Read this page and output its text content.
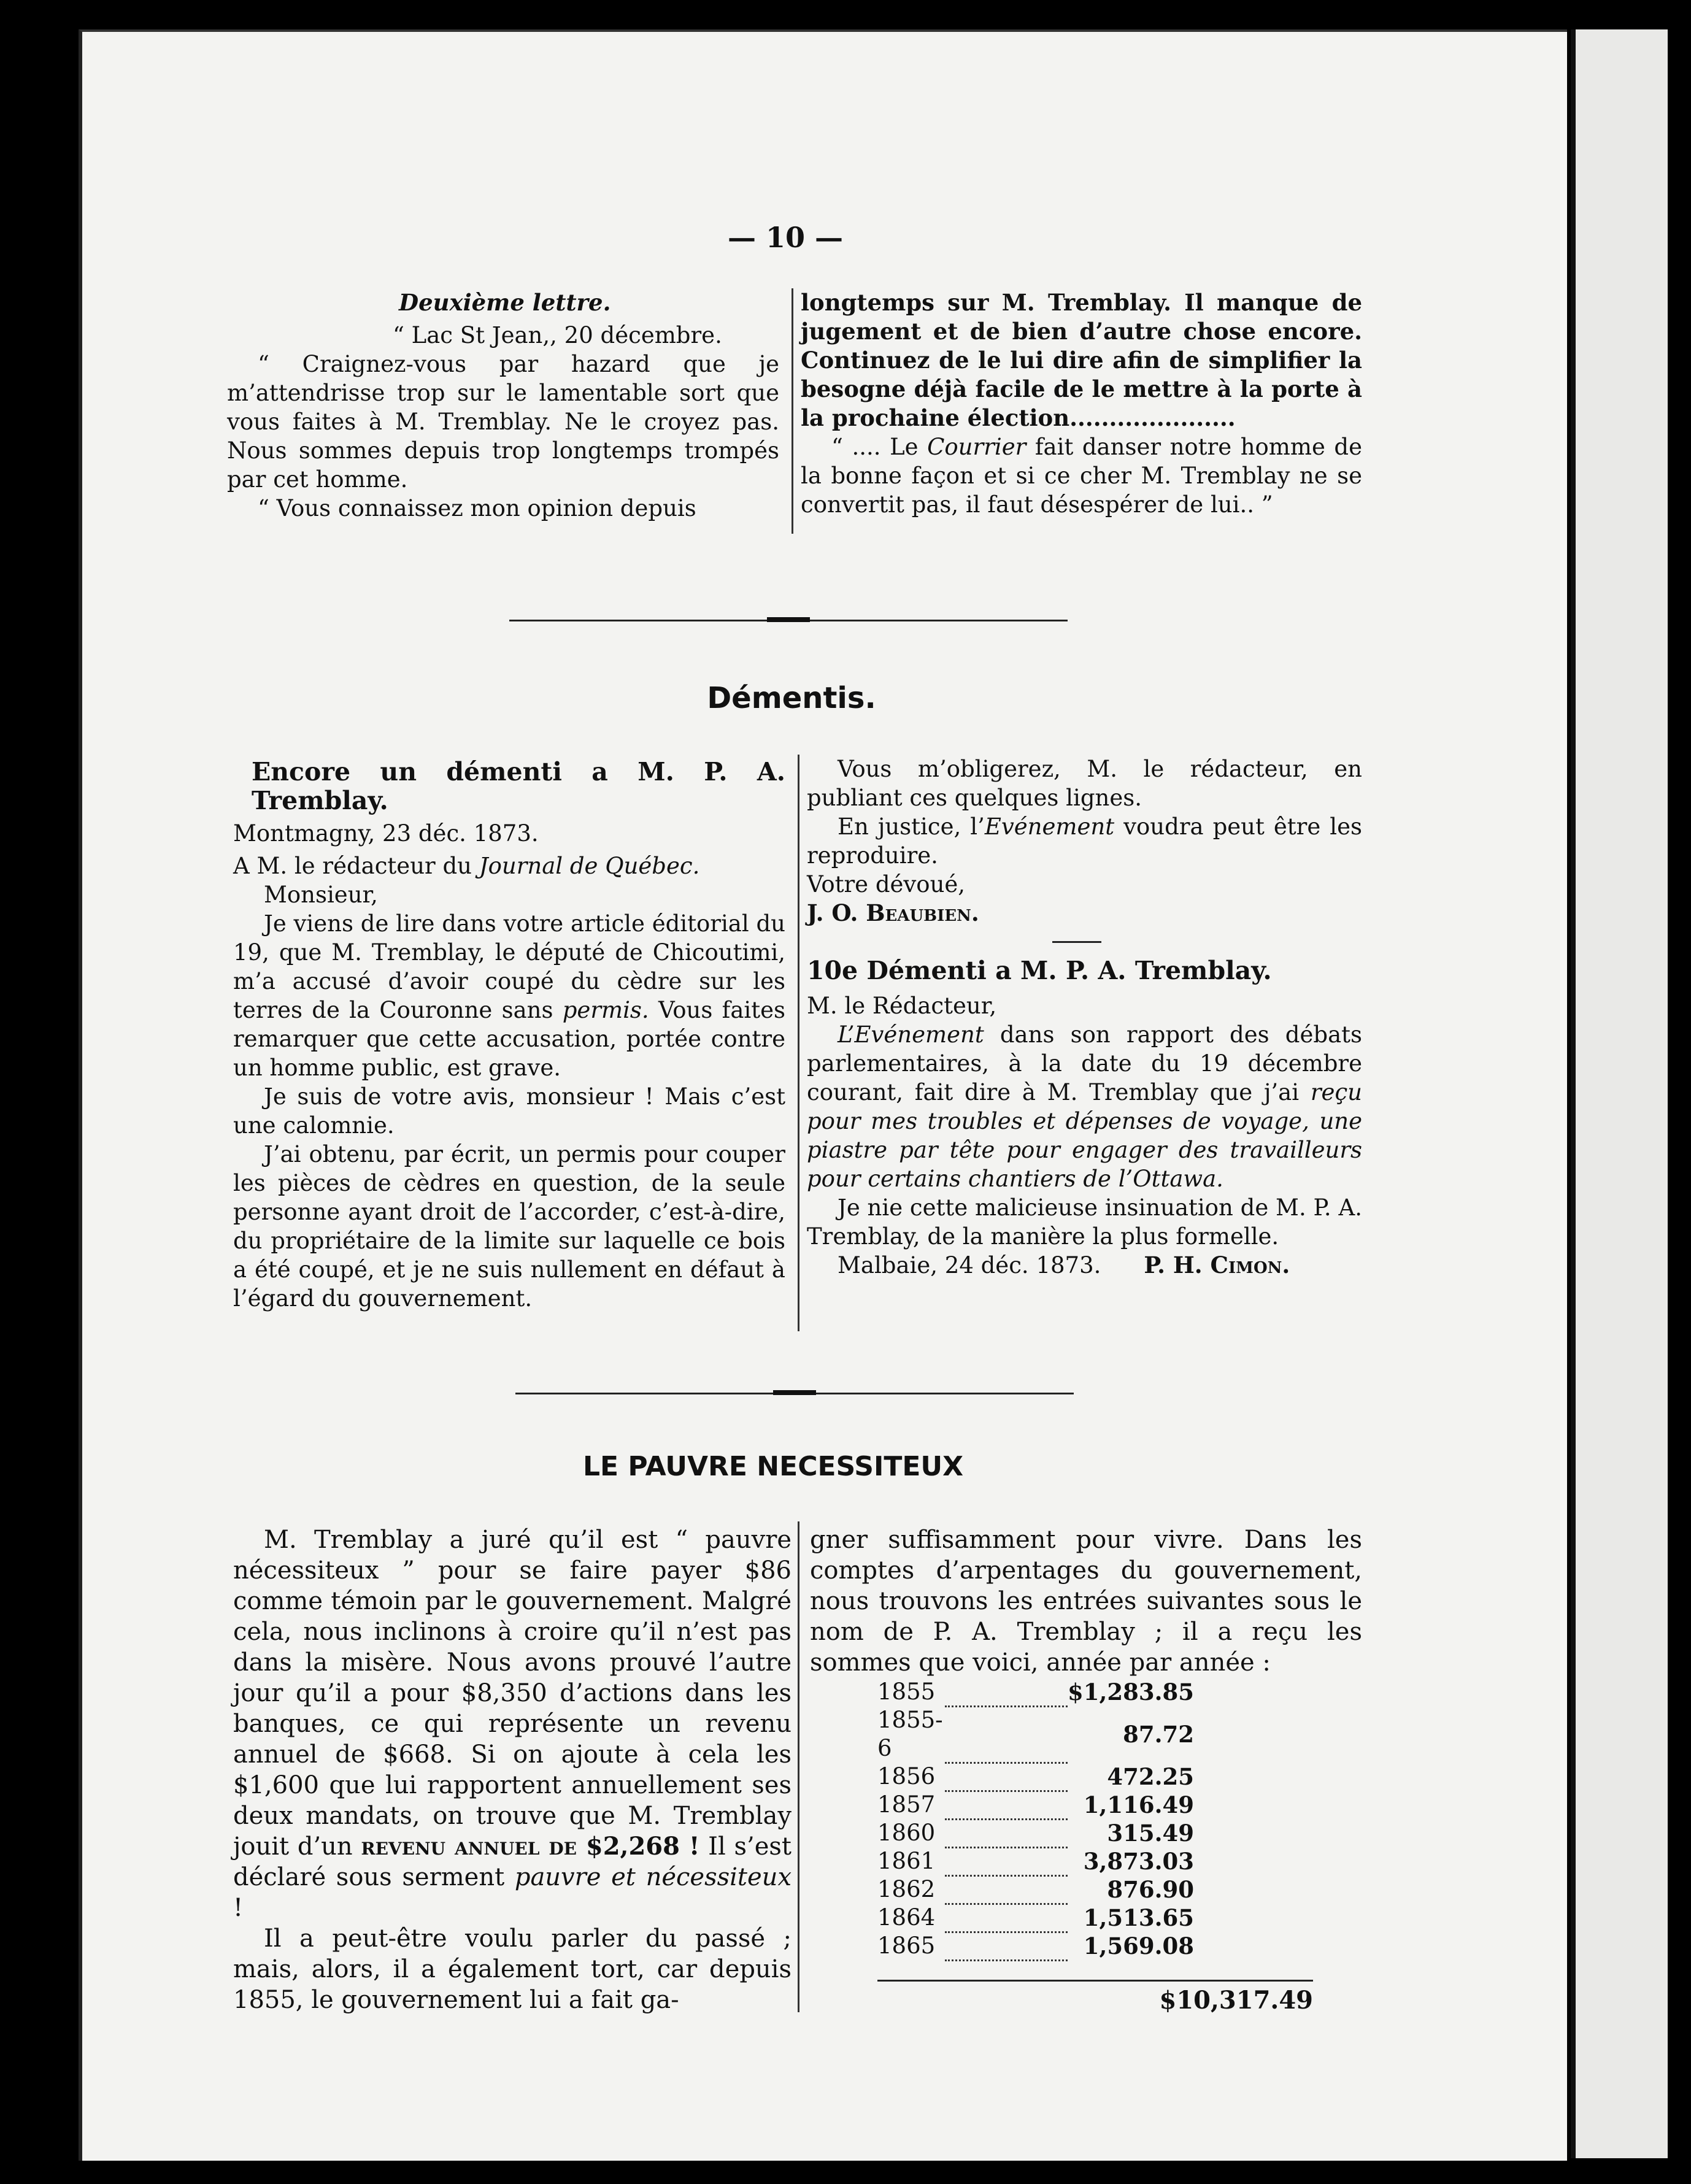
— 10 —

Deuxième lettre.

“ Lac St Jean,, 20 décembre.

“ Craignez-vous par hazard que je m’attendrisse trop sur le lamentable sort que vous faites à M. Tremblay. Ne le croyez pas. Nous sommes depuis trop longtemps trompés par cet homme.

“ Vous connaissez mon opinion depuis

longtemps sur M. Tremblay. Il manque de jugement et de bien d’autre chose encore. Continuez de le lui dire afin de simplifier la besogne déjà facile de le mettre à la porte à la prochaine élection.....................

“ .... Le Courrier fait danser notre homme de la bonne façon et si ce cher M. Tremblay ne se convertit pas, il faut désespérer de lui.. ”

Démentis.

Encore un démenti a M. P. A. Tremblay.

Montmagny, 23 déc. 1873.

A M. le rédacteur du Journal de Québec.

Monsieur,

Je viens de lire dans votre article éditorial du 19, que M. Tremblay, le député de Chicoutimi, m’a accusé d’avoir coupé du cèdre sur les terres de la Couronne sans permis. Vous faites remarquer que cette accusation, portée contre un homme public, est grave.

Je suis de votre avis, monsieur ! Mais c’est une calomnie.

J’ai obtenu, par écrit, un permis pour couper les pièces de cèdres en question, de la seule personne ayant droit de l’accorder, c’est-à-dire, du propriétaire de la limite sur laquelle ce bois a été coupé, et je ne suis nullement en défaut à l’égard du gouvernement.

Vous m’obligerez, M. le rédacteur, en publiant ces quelques lignes.

En justice, l’Evénement voudra peut être les reproduire.

Votre dévoué,

J. O. Beaubien.

10e Démenti a M. P. A. Tremblay.

M. le Rédacteur,

L’Evénement dans son rapport des débats parlementaires, à la date du 19 décembre courant, fait dire à M. Tremblay que j’ai reçu pour mes troubles et dépenses de voyage, une piastre par tête pour engager des travailleurs pour certains chantiers de l’Ottawa.

Je nie cette malicieuse insinuation de M. P. A. Tremblay, de la manière la plus formelle.

Malbaie, 24 déc. 1873. P. H. Cimon.

LE PAUVRE NECESSITEUX

M. Tremblay a juré qu’il est “ pauvre nécessiteux ” pour se faire payer $86 comme témoin par le gouvernement. Malgré cela, nous inclinons à croire qu’il n’est pas dans la misère. Nous avons prouvé l’autre jour qu’il a pour $8,350 d’actions dans les banques, ce qui représente un revenu annuel de $668. Si on ajoute à cela les $1,600 que lui rapportent annuellement ses deux mandats, on trouve que M. Tremblay jouit d’un revenu annuel de $2,268 ! Il s’est déclaré sous serment pauvre et nécessiteux !

Il a peut-être voulu parler du passé ; mais, alors, il a également tort, car depuis 1855, le gouvernement lui a fait ga-

gner suffisamment pour vivre. Dans les comptes d’arpentages du gouvernement, nous trouvons les entrées suivantes sous le nom de P. A. Tremblay ; il a reçu les sommes que voici, année par année :

1855		$1,283.85
1855-6		87.72
1856		472.25
1857		1,116.49
1860		315.49
1861		3,873.03
1862		876.90
1864		1,513.65
1865		1,569.08
$10,317.49
